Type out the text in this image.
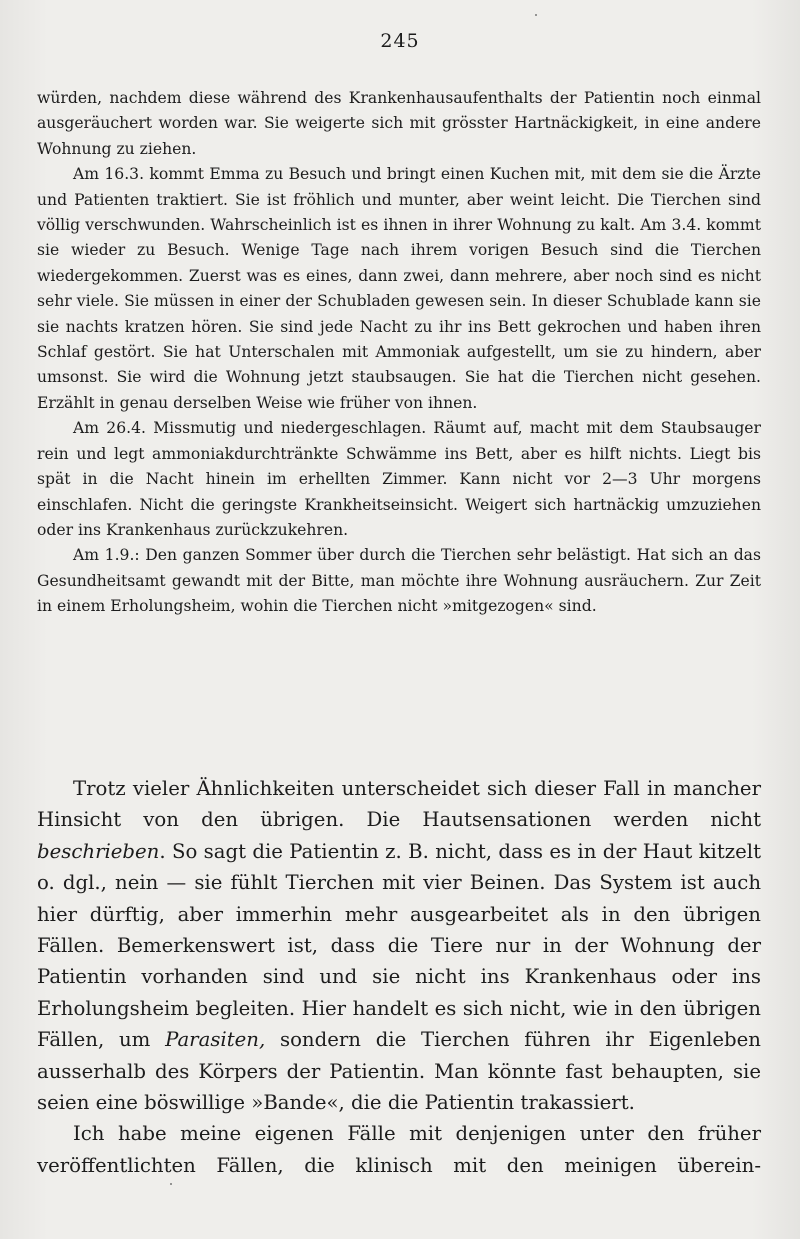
245

würden, nachdem diese während des Krankenhausaufenthalts der Patientin noch einmal ausgeräuchert worden war. Sie weigerte sich mit grösster Hartnäckigkeit, in eine andere Wohnung zu ziehen.

Am 16.3. kommt Emma zu Besuch und bringt einen Kuchen mit, mit dem sie die Ärzte und Patienten traktiert. Sie ist fröhlich und munter, aber weint leicht. Die Tierchen sind völlig verschwunden. Wahrscheinlich ist es ihnen in ihrer Wohnung zu kalt. Am 3.4. kommt sie wieder zu Besuch. Wenige Tage nach ihrem vorigen Besuch sind die Tierchen wiedergekommen. Zuerst was es eines, dann zwei, dann mehrere, aber noch sind es nicht sehr viele. Sie müssen in einer der Schubladen gewesen sein. In dieser Schublade kann sie sie nachts kratzen hören. Sie sind jede Nacht zu ihr ins Bett gekrochen und haben ihren Schlaf gestört. Sie hat Unterschalen mit Ammoniak aufgestellt, um sie zu hindern, aber umsonst. Sie wird die Wohnung jetzt staubsaugen. Sie hat die Tierchen nicht gesehen. Erzählt in genau derselben Weise wie früher von ihnen.

Am 26.4. Missmutig und niedergeschlagen. Räumt auf, macht mit dem Staubsauger rein und legt ammoniakdurchtränkte Schwämme ins Bett, aber es hilft nichts. Liegt bis spät in die Nacht hinein im erhellten Zimmer. Kann nicht vor 2—3 Uhr morgens einschlafen. Nicht die geringste Krankheitseinsicht. Weigert sich hartnäckig umzuziehen oder ins Krankenhaus zurückzukehren.

Am 1.9.: Den ganzen Sommer über durch die Tierchen sehr belästigt. Hat sich an das Gesundheitsamt gewandt mit der Bitte, man möchte ihre Wohnung ausräuchern. Zur Zeit in einem Erholungsheim, wohin die Tierchen nicht »mitgezogen« sind.

Trotz vieler Ähnlichkeiten unterscheidet sich dieser Fall in mancher Hinsicht von den übrigen. Die Hautsensationen werden nicht beschrieben. So sagt die Patientin z. B. nicht, dass es in der Haut kitzelt o. dgl., nein — sie fühlt Tierchen mit vier Beinen. Das System ist auch hier dürftig, aber immerhin mehr ausgearbeitet als in den übrigen Fällen. Bemerkenswert ist, dass die Tiere nur in der Wohnung der Patientin vorhanden sind und sie nicht ins Krankenhaus oder ins Erholungsheim begleiten. Hier handelt es sich nicht, wie in den übrigen Fällen, um Parasiten, sondern die Tierchen führen ihr Eigenleben ausserhalb des Körpers der Patientin. Man könnte fast behaupten, sie seien eine böswillige »Bande«, die die Patientin trakassiert.

Ich habe meine eigenen Fälle mit denjenigen unter den früher veröffentlichten Fällen, die klinisch mit den meinigen überein-
